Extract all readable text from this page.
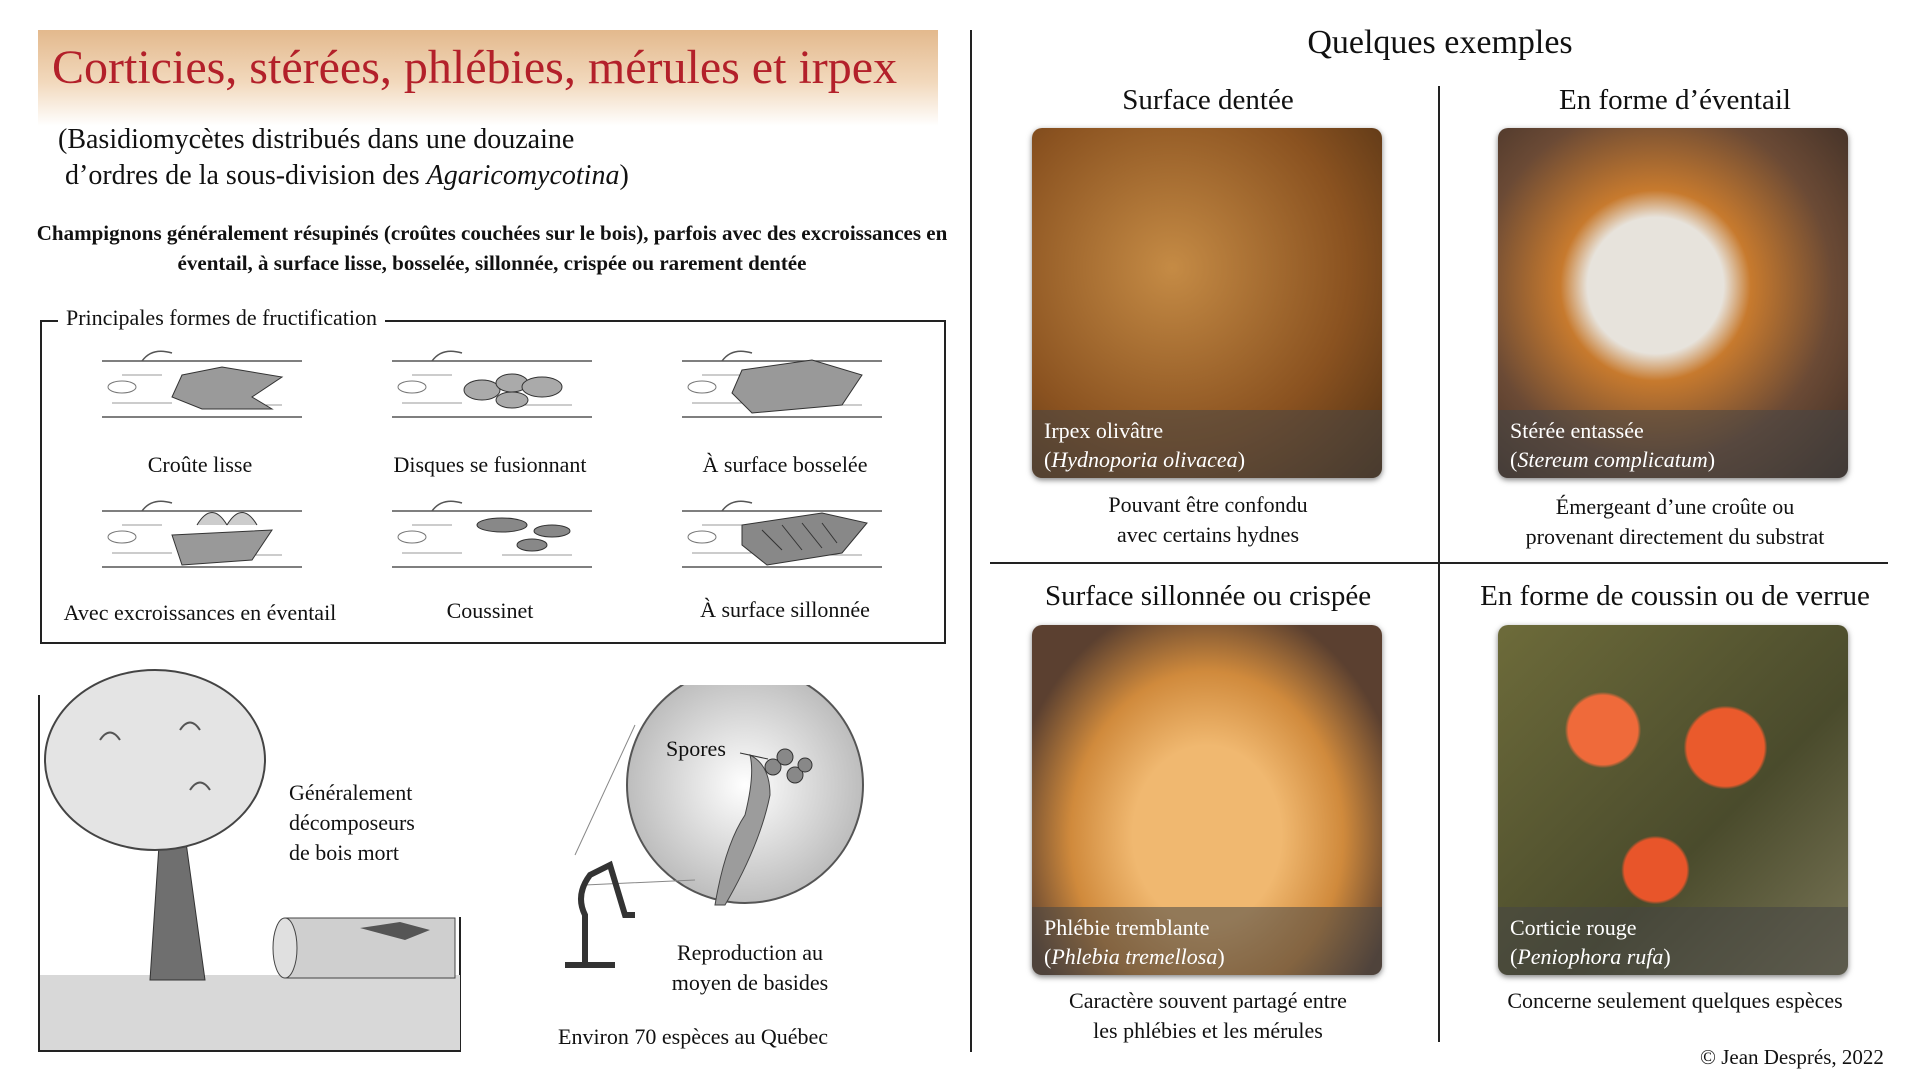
Corticies, stérées, phlébies, mérules et irpex
(Basidiomycètes distribués dans une douzaine
d’ordres de la sous-division des Agaricomycotina)
Champignons généralement résupinés (croûtes couchées sur le bois), parfois avec des excroissances en éventail, à surface lisse, bosselée, sillonnée, crispée ou rarement dentée
Principales formes de fructification
Croûte lisse	Disques se fusionnant	À surface bosselée
Avec excroissances en éventail	Coussinet	À surface sillonnée
Généralement
décomposeurs
de bois mort
Spores
Reproduction au
moyen de basides
Environ 70 espèces au Québec
Quelques exemples
Surface dentée
Irpex olivâtre
(Hydnoporia olivacea)
Pouvant être confondu
avec certains hydnes
En forme d’éventail
Stérée entassée
(Stereum complicatum)
Émergeant d’une croûte ou
provenant directement du substrat
Surface sillonnée ou crispée
Phlébie tremblante
(Phlebia tremellosa)
Caractère souvent partagé entre
les phlébies et les mérules
En forme de coussin ou de verrue
Corticie rouge
(Peniophora rufa)
Concerne seulement quelques espèces
© Jean Després, 2022
